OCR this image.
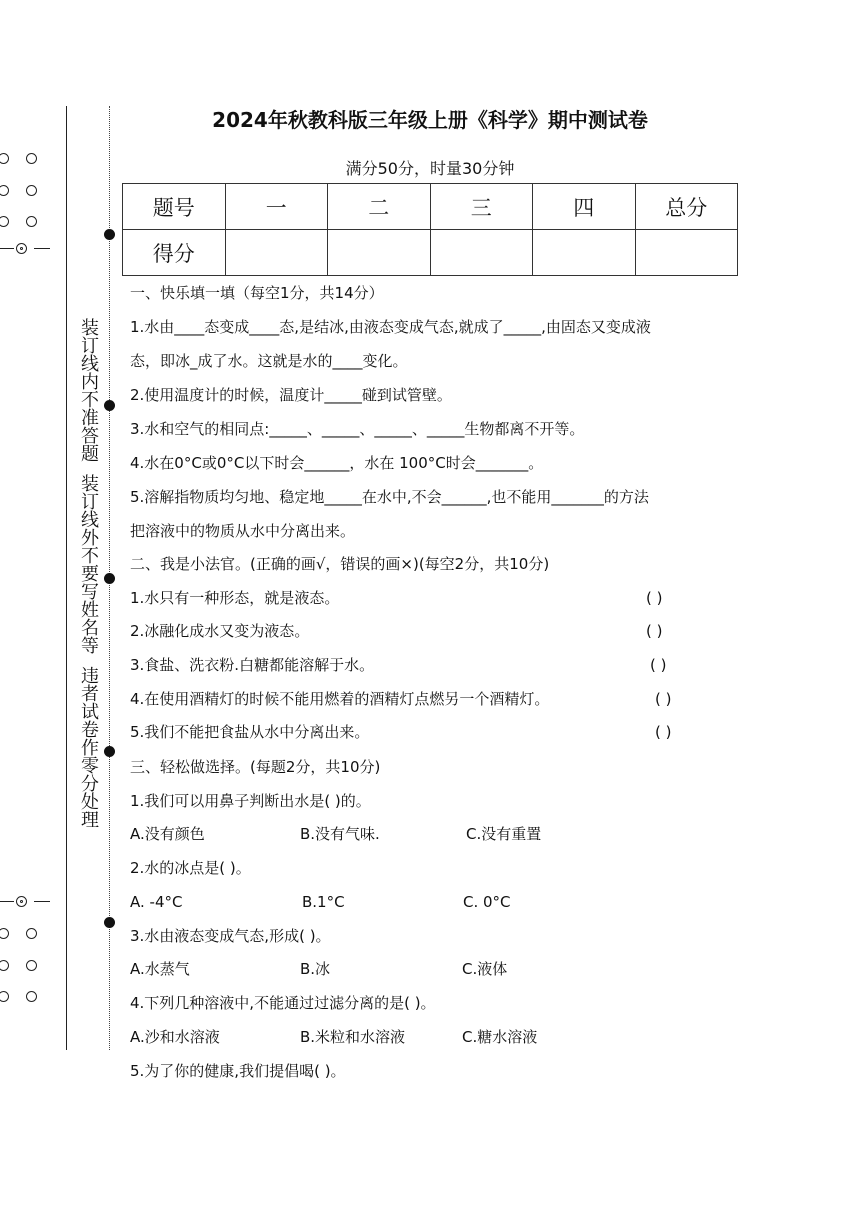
装订线内不准答题装订线外不要写姓名等违者试卷作零分处理
2024年秋教科版三年级上册《科学》期中测试卷
满分50分，时量30分钟
题号	一	二	三	四	总分
得分					
一、快乐填一填（每空1分，共14分）
1.水由____态变成____态,是结冰,由液态变成气态,就成了_____,由固态又变成液
态，即冰_成了水。这就是水的____变化。
2.使用温度计的时候，温度计_____碰到试管壁。
3.水和空气的相同点:_____、_____、_____、_____生物都离不开等。
4.水在0°C或0°C以下时会______，水在 100°C时会_______。
5.溶解指物质均匀地、稳定地_____在水中,不会______,也不能用_______的方法
把溶液中的物质从水中分离出来。
二、我是小法官。(正确的画√，错误的画×)(每空2分，共10分)
1.水只有一种形态，就是液态。	( )
2.冰融化成水又变为液态。	( )
3.食盐、洗衣粉.白糖都能溶解于水。	( )
4.在使用酒精灯的时候不能用燃着的酒精灯点燃另一个酒精灯。	( )
5.我们不能把食盐从水中分离出来。	( )
三、轻松做选择。(每题2分，共10分)
1.我们可以用鼻子判断出水是( )的。
A.没有颜色	B.没有气味.	C.没有重置
2.水的冰点是( )。
A. -4°C	B.1°C	C. 0°C
3.水由液态变成气态,形成( )。
A.水蒸气	B.冰	C.液体
4.下列几种溶液中,不能通过过滤分离的是( )。
A.沙和水溶液	B.米粒和水溶液	C.糖水溶液
5.为了你的健康,我们提倡喝( )。
